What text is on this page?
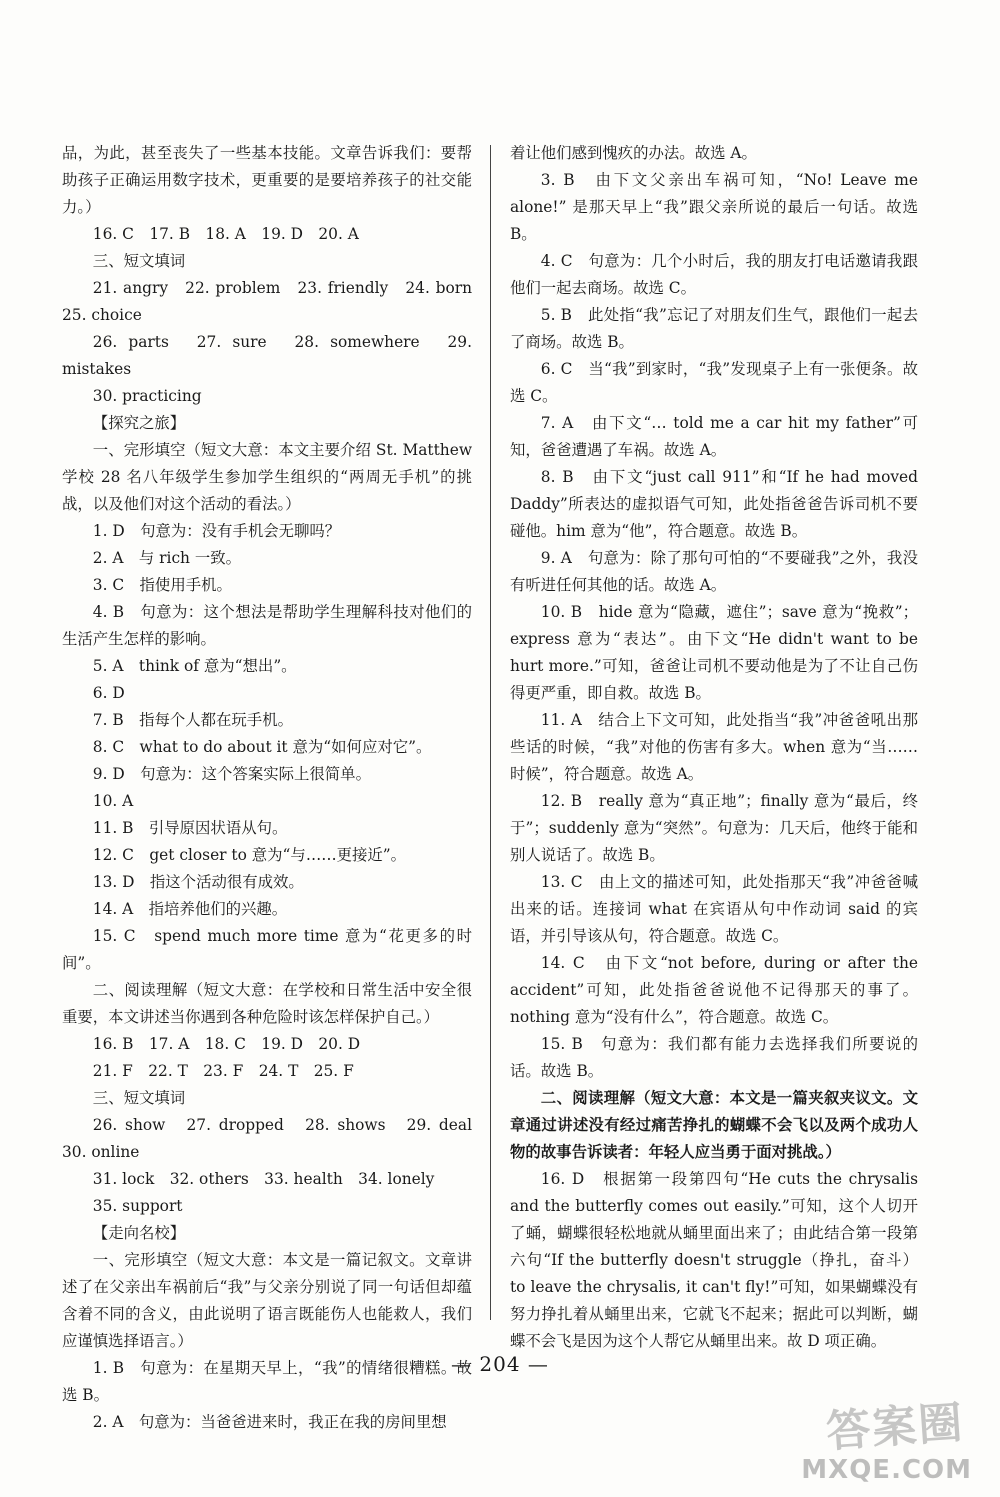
品，为此，甚至丧失了一些基本技能。文章告诉我们：要帮助孩子正确运用数字技术，更重要的是要培养孩子的社交能力。）

16. C　17. B　18. A　19. D　20. A

三、短文填词

21. angry　22. problem　23. friendly　24. born　25. choice

26. parts　27. sure　28. somewhere　29. mistakes

30. practicing

【探究之旅】

一、完形填空（短文大意：本文主要介绍 St. Matthew 学校 28 名八年级学生参加学生组织的“两周无手机”的挑战，以及他们对这个活动的看法。）

1. D　句意为：没有手机会无聊吗？

2. A　与 rich 一致。

3. C　指使用手机。

4. B　句意为：这个想法是帮助学生理解科技对他们的生活产生怎样的影响。

5. A　think of 意为“想出”。

6. D

7. B　指每个人都在玩手机。

8. C　what to do about it 意为“如何应对它”。

9. D　句意为：这个答案实际上很简单。

10. A

11. B　引导原因状语从句。

12. C　get closer to 意为“与……更接近”。

13. D　指这个活动很有成效。

14. A　指培养他们的兴趣。

15. C　spend much more time 意为“花更多的时间”。

二、阅读理解（短文大意：在学校和日常生活中安全很重要，本文讲述当你遇到各种危险时该怎样保护自己。）

16. B　17. A　18. C　19. D　20. D

21. F　22. T　23. F　24. T　25. F

三、短文填词

26. show　27. dropped　28. shows　29. deal　30. online

31. lock　32. others　33. health　34. lonely

35. support

【走向名校】

一、完形填空（短文大意：本文是一篇记叙文。文章讲述了在父亲出车祸前后“我”与父亲分别说了同一句话但却蕴含着不同的含义，由此说明了语言既能伤人也能救人，我们应谨慎选择语言。）

1. B　句意为：在星期天早上，“我”的情绪很糟糕。故选 B。

2. A　句意为：当爸爸进来时，我正在我的房间里想

着让他们感到愧疚的办法。故选 A。

3. B　由下文父亲出车祸可知，“No! Leave me alone!” 是那天早上“我”跟父亲所说的最后一句话。故选 B。

4. C　句意为：几个小时后，我的朋友打电话邀请我跟他们一起去商场。故选 C。

5. B　此处指“我”忘记了对朋友们生气，跟他们一起去了商场。故选 B。

6. C　当“我”到家时，“我”发现桌子上有一张便条。故选 C。

7. A　由下文“… told me a car hit my father”可知，爸爸遭遇了车祸。故选 A。

8. B　由下文“just call 911”和“If he had moved Daddy”所表达的虚拟语气可知，此处指爸爸告诉司机不要碰他。him 意为“他”，符合题意。故选 B。

9. A　句意为：除了那句可怕的“不要碰我”之外，我没有听进任何其他的话。故选 A。

10. B　hide 意为“隐藏，遮住”；save 意为“挽救”；express 意为“表达”。由下文“He didn't want to be hurt more.”可知，爸爸让司机不要动他是为了不让自己伤得更严重，即自救。故选 B。

11. A　结合上下文可知，此处指当“我”冲爸爸吼出那些话的时候，“我”对他的伤害有多大。when 意为“当……时候”，符合题意。故选 A。

12. B　really 意为“真正地”；finally 意为“最后，终于”；suddenly 意为“突然”。句意为：几天后，他终于能和别人说话了。故选 B。

13. C　由上文的描述可知，此处指那天“我”冲爸爸喊出来的话。连接词 what 在宾语从句中作动词 said 的宾语，并引导该从句，符合题意。故选 C。

14. C　由下文“not before, during or after the accident”可知，此处指爸爸说他不记得那天的事了。nothing 意为“没有什么”，符合题意。故选 C。

15. B　句意为：我们都有能力去选择我们所要说的话。故选 B。

二、阅读理解（短文大意：本文是一篇夹叙夹议文。文章通过讲述没有经过痛苦挣扎的蝴蝶不会飞以及两个成功人物的故事告诉读者：年轻人应当勇于面对挑战。）

16. D　根据第一段第四句“He cuts the chrysalis and the butterfly comes out easily.”可知，这个人切开了蛹，蝴蝶很轻松地就从蛹里面出来了；由此结合第一段第六句“If the butterfly doesn't struggle（挣扎，奋斗） to leave the chrysalis, it can't fly!”可知，如果蝴蝶没有努力挣扎着从蛹里出来，它就飞不起来；据此可以判断，蝴蝶不会飞是因为这个人帮它从蛹里出来。故 D 项正确。

— 204 —
答案圈
MXQE.COM
